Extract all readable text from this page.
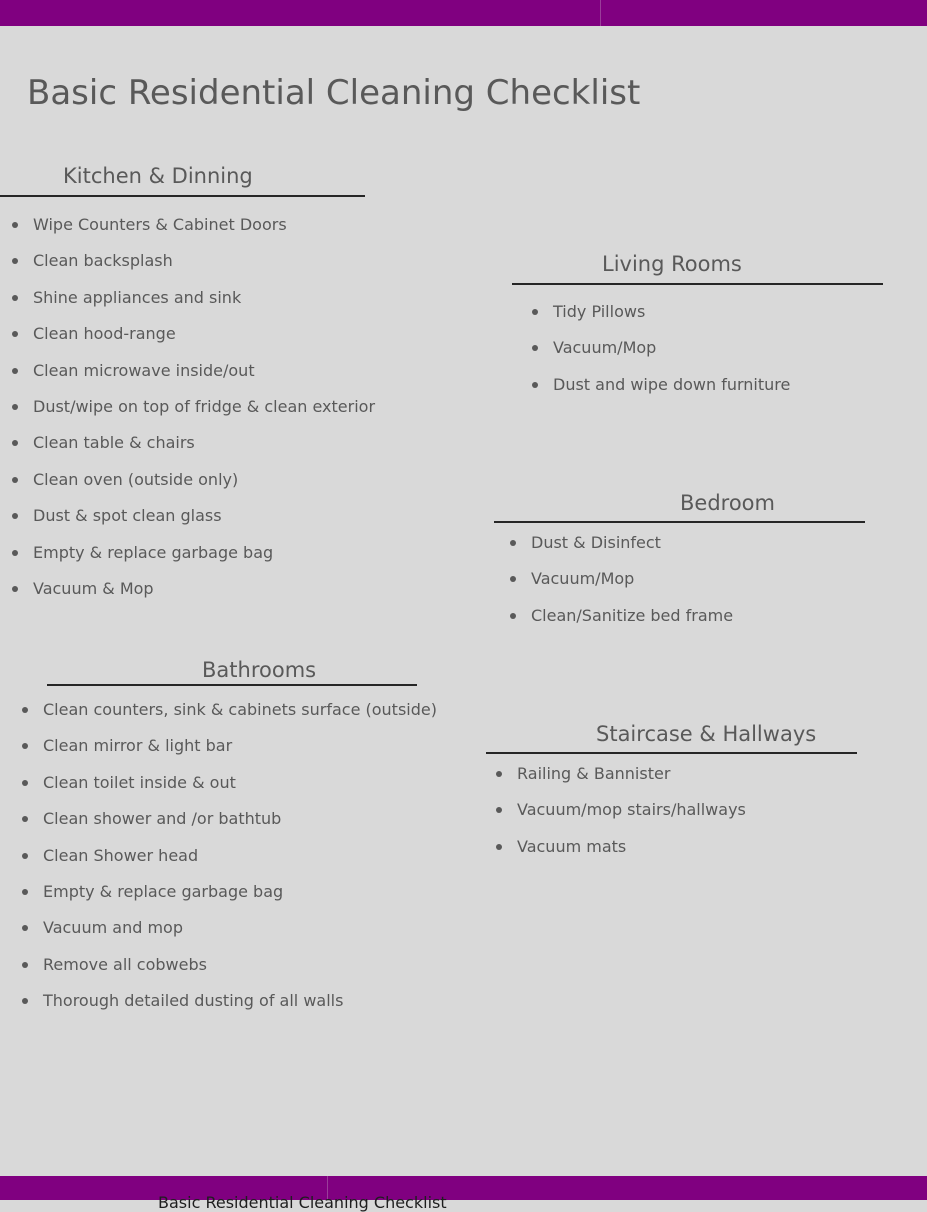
Basic Residential Cleaning Checklist
Kitchen & Dinning
Wipe Counters & Cabinet Doors
Clean backsplash
Shine appliances and sink
Clean hood-range
Clean microwave inside/out
Dust/wipe on top of fridge & clean exterior
Clean table & chairs
Clean oven (outside only)
Dust & spot clean glass
Empty & replace garbage bag
Vacuum & Mop
Living Rooms
Tidy Pillows
Vacuum/Mop
Dust and wipe down furniture
Bedroom
Dust & Disinfect
Vacuum/Mop
Clean/Sanitize bed frame
Bathrooms
Clean counters, sink & cabinets surface (outside)
Clean mirror & light bar
Clean toilet inside & out
Clean shower and /or bathtub
Clean Shower head
Empty & replace garbage bag
Vacuum and mop
Remove all cobwebs
Thorough detailed dusting of all walls
Staircase & Hallways
Railing & Bannister
Vacuum/mop stairs/hallways
Vacuum mats
Basic Residential Cleaning Checklist
